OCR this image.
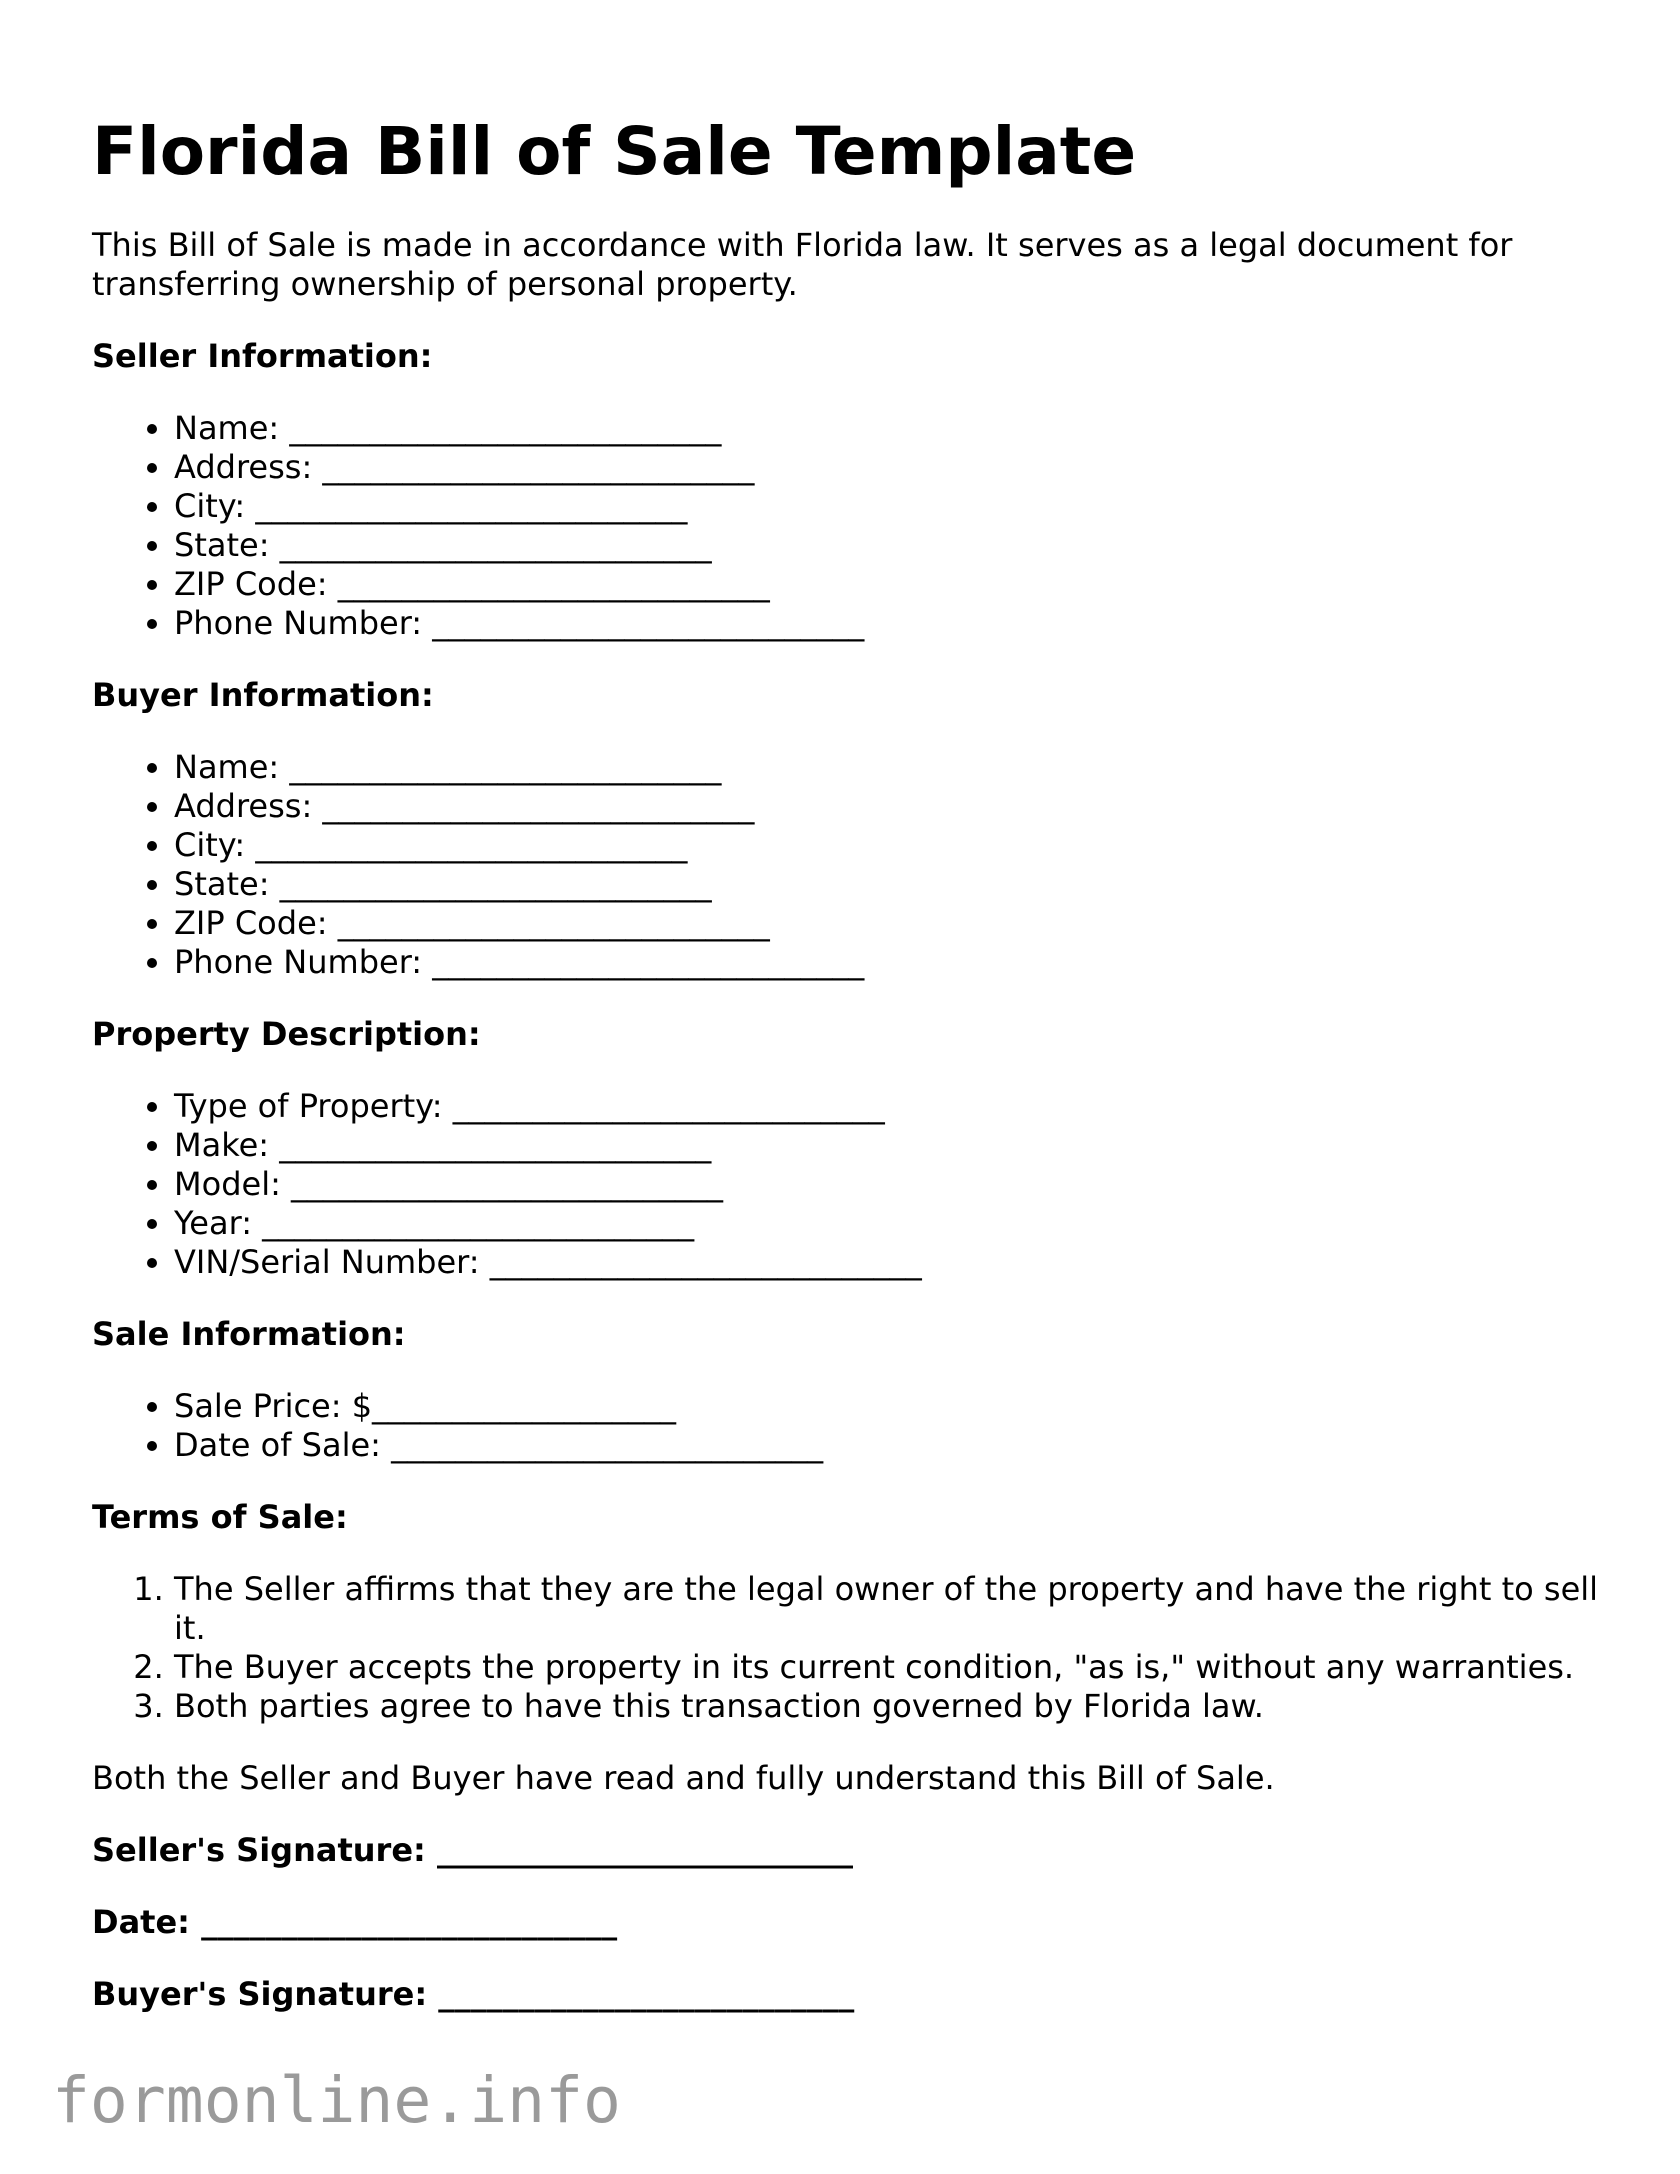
Florida Bill of Sale Template

This Bill of Sale is made in accordance with Florida law. It serves as a legal document for transferring ownership of personal property.

Seller Information:
• Name: ___________________________
• Address: ___________________________
• City: ___________________________
• State: ___________________________
• ZIP Code: ___________________________
• Phone Number: ___________________________
Buyer Information:
• Name: ___________________________
• Address: ___________________________
• City: ___________________________
• State: ___________________________
• ZIP Code: ___________________________
• Phone Number: ___________________________
Property Description:
• Type of Property: ___________________________
• Make: ___________________________
• Model: ___________________________
• Year: ___________________________
• VIN/Serial Number: ___________________________
Sale Information:
• Sale Price: $___________________
• Date of Sale: ___________________________
Terms of Sale:
1. The Seller affirms that they are the legal owner of the property and have the right to sell it.
2. The Buyer accepts the property in its current condition, "as is," without any warranties.
3. Both parties agree to have this transaction governed by Florida law.

Both the Seller and Buyer have read and fully understand this Bill of Sale.

Seller's Signature: __________________________
Date: __________________________
Buyer's Signature: __________________________
formonline.info
